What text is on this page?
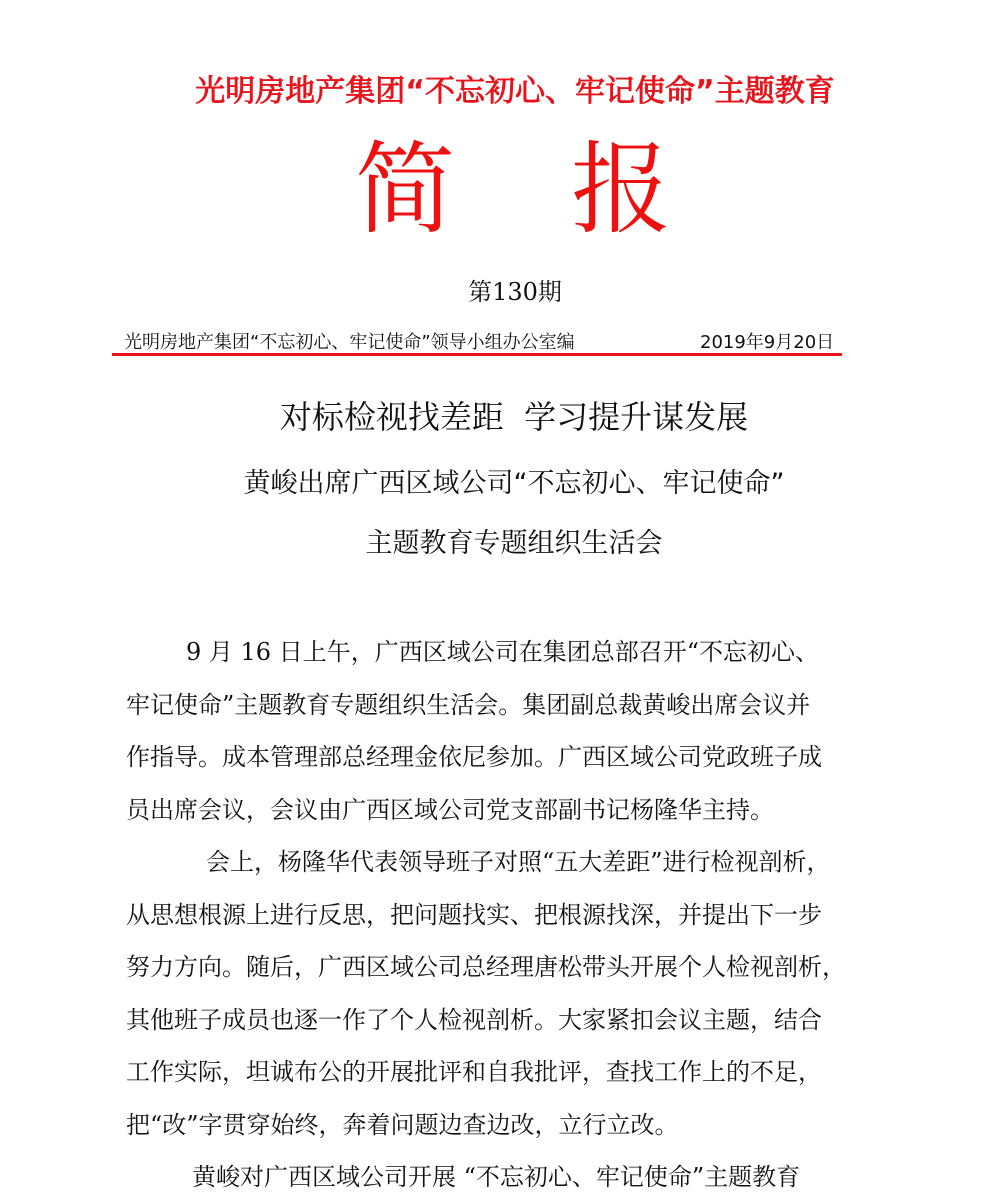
光明房地产集团“不忘初心、牢记使命”主题教育
简 报
第130期
光明房地产集团“不忘初心、牢记使命”领导小组办公室编	2019年9月20日
对标检视找差距  学习提升谋发展
黄峻出席广西区域公司“不忘初心、牢记使命”
主题教育专题组织生活会
9 月 16 日上午，广西区域公司在集团总部召开“不忘初心、
牢记使命”主题教育专题组织生活会。集团副总裁黄峻出席会议并
作指导。成本管理部总经理金依尼参加。广西区域公司党政班子成
员出席会议，会议由广西区域公司党支部副书记杨隆华主持。
会上，杨隆华代表领导班子对照“五大差距”进行检视剖析，
从思想根源上进行反思，把问题找实、把根源找深，并提出下一步
努力方向。随后，广西区域公司总经理唐松带头开展个人检视剖析，
其他班子成员也逐一作了个人检视剖析。大家紧扣会议主题，结合
工作实际，坦诚布公的开展批评和自我批评，查找工作上的不足，
把“改”字贯穿始终，奔着问题边查边改，立行立改。
黄峻对广西区域公司开展 “不忘初心、牢记使命”主题教育
